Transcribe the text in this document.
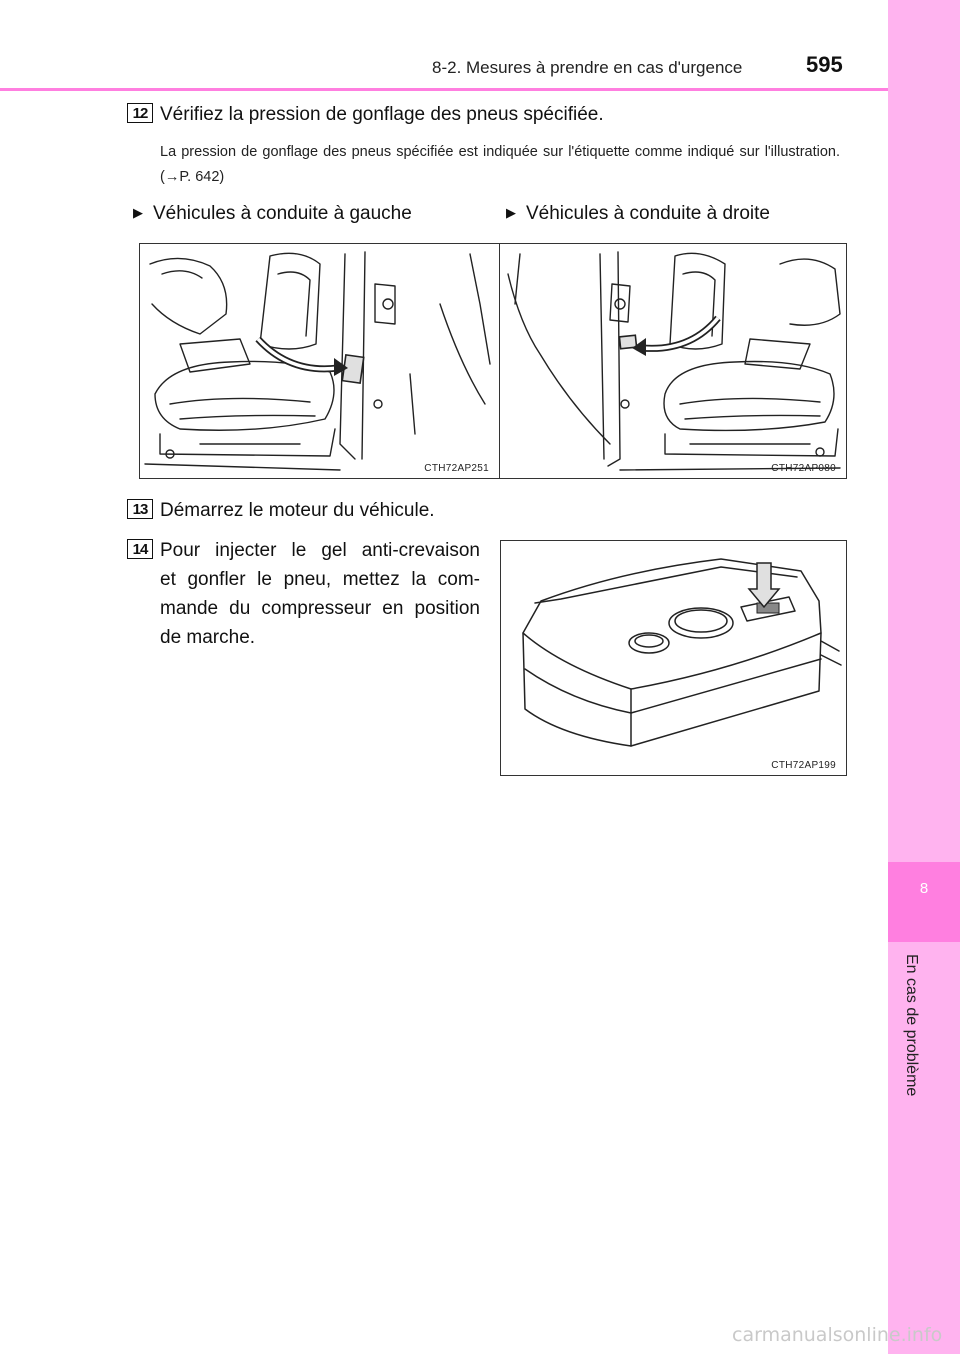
8-2. Mesures à prendre en cas d'urgence	595
8
En cas de problème
12 Vérifiez la pression de gonflage des pneus spécifiée.
La pression de gonflage des pneus spécifiée est indiquée sur l'étiquette comme indiqué sur l'illustration. (→P. 642)
▶ Véhicules à conduite à gauche	▶ Véhicules à conduite à droite
CTH72AP251	CTH72AP080
13 Démarrez le moteur du véhicule.
14 Pour injecter le gel anti-crevaison
et gonfler le pneu, mettez la com-
mande du compresseur en position
de marche.
CTH72AP199
carmanualsonline.info
